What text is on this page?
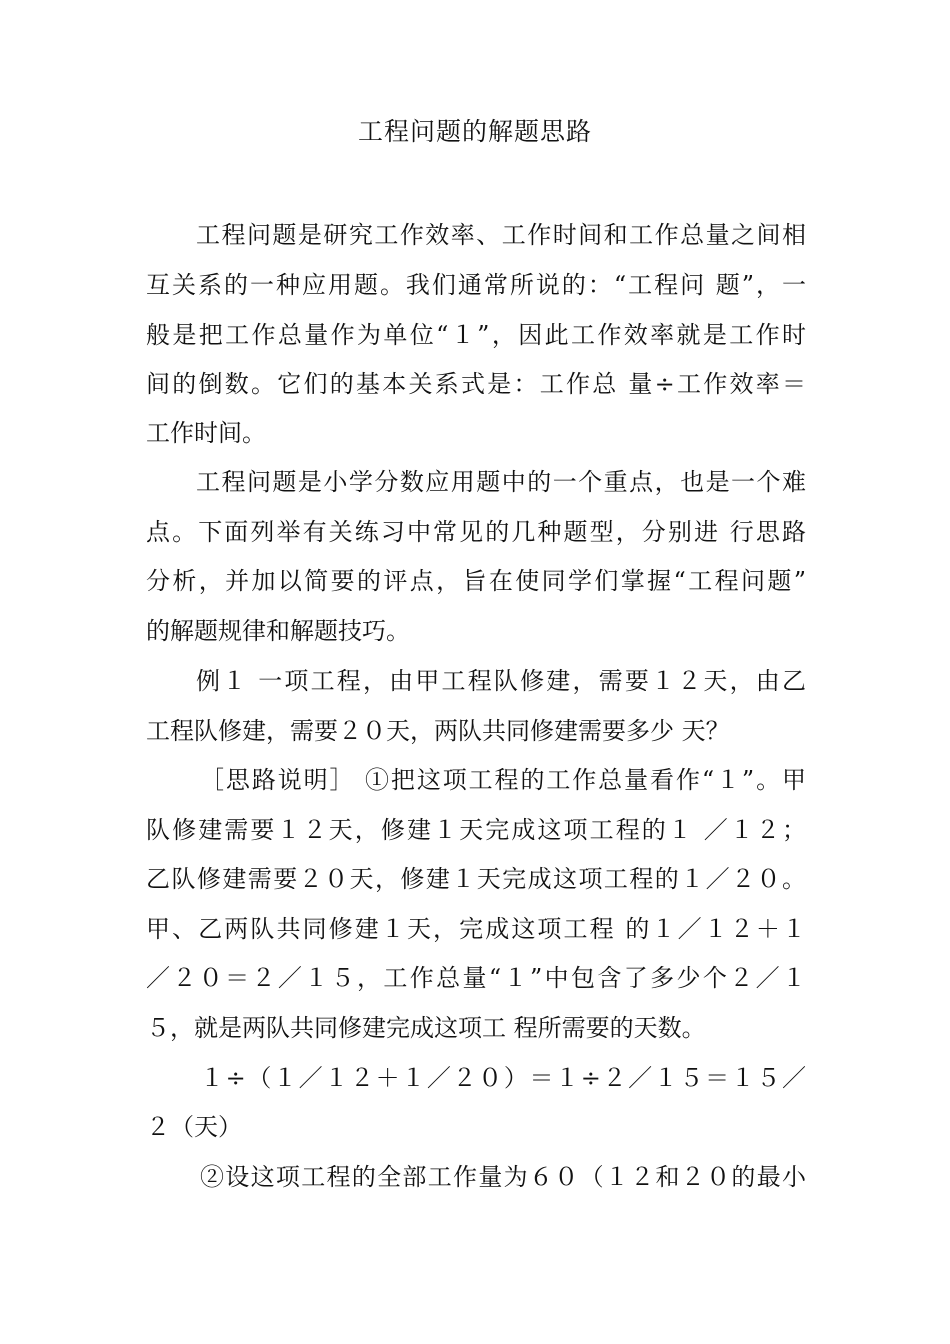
工程问题的解题思路

工程问题是研究工作效率、工作时间和工作总量之间相

互关系的一种应用题。我们通常所说的：“工程问 题”，一

般是把工作总量作为单位“１”，因此工作效率就是工作时

间的倒数。它们的基本关系式是：工作总 量÷工作效率＝

工作时间。

工程问题是小学分数应用题中的一个重点，也是一个难

点。下面列举有关练习中常见的几种题型，分别进 行思路

分析，并加以简要的评点，旨在使同学们掌握“工程问题”

的解题规律和解题技巧。

例１ 一项工程，由甲工程队修建，需要１２天，由乙

工程队修建，需要２０天，两队共同修建需要多少 天？

［思路说明］ ①把这项工程的工作总量看作“１”。甲

队修建需要１２天，修建１天完成这项工程的１ ／１２；

乙队修建需要２０天，修建１天完成这项工程的１／２０。

甲、乙两队共同修建１天，完成这项工程 的１／１２＋１

／２０＝２／１５，工作总量“１”中包含了多少个２／１

５，就是两队共同修建完成这项工 程所需要的天数。

１÷（１／１２＋１／２０）＝１÷２／１５＝１５／

２（天）

②设这项工程的全部工作量为６０（１２和２０的最小
